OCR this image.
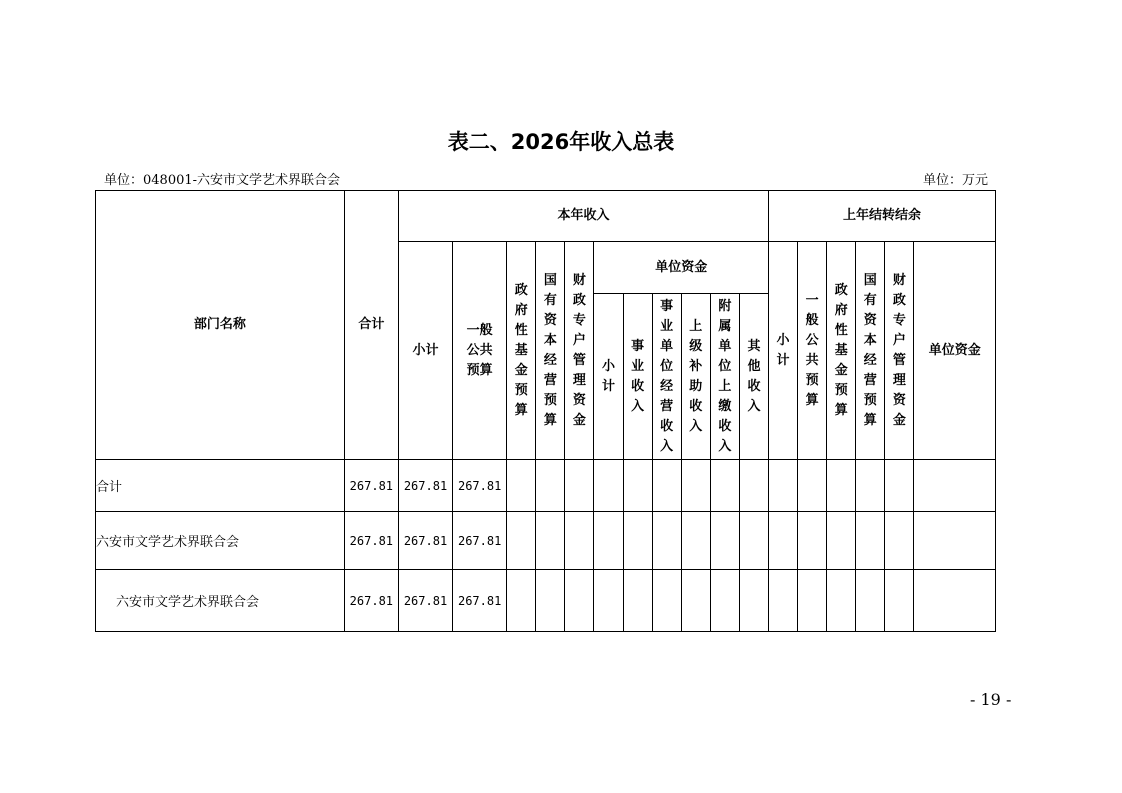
表二、2026年收入总表
单位：048001-六安市文学艺术界联合会	单位：万元
部门名称	合计	本年收入											上年结转结余					
		小计	一般公共预算	政府性基金预算	国有资本经营预算	财政专户管理资金	单位资金						小计	一般公共预算	政府性基金预算	国有资本经营预算	财政专户管理资金	单位资金
							小计	事业收入	事业单位经营收入	上级补助收入	附属单位上缴收入	其他收入						
合计	267.81	267.81	267.81															
六安市文学艺术界联合会	267.81	267.81	267.81															
六安市文学艺术界联合会	267.81	267.81	267.81															
- 19 -
